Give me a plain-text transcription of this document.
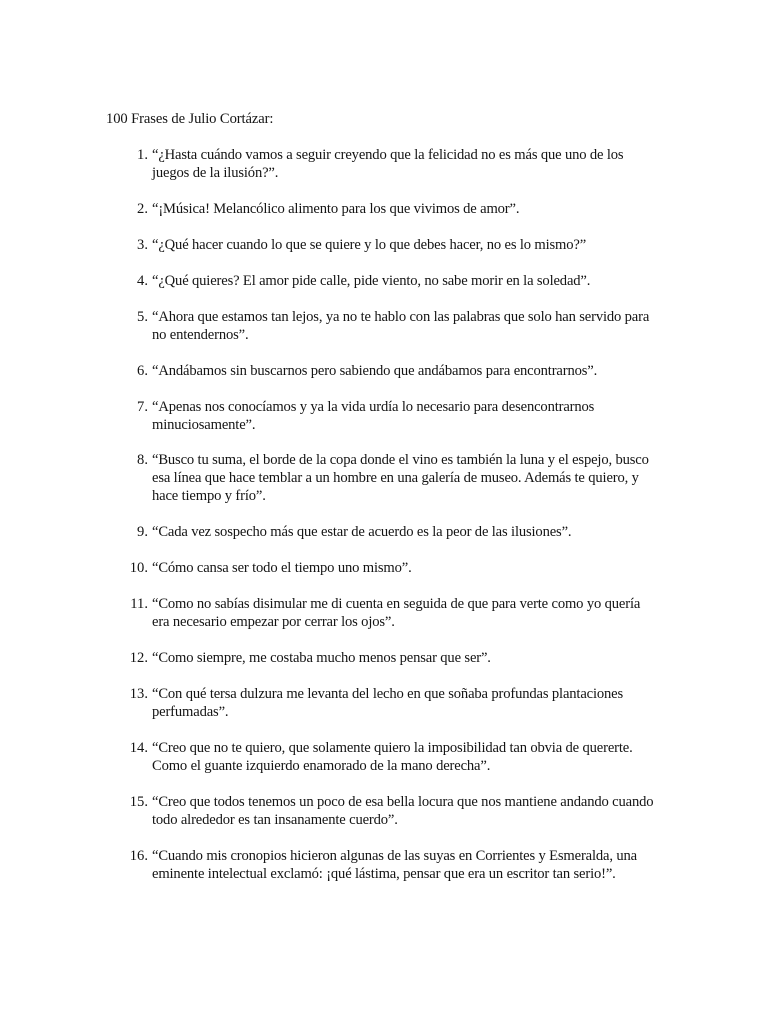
100 Frases de Julio Cortázar:
1. “¿Hasta cuándo vamos a seguir creyendo que la felicidad no es más que uno de los juegos de la ilusión?”.
2. “¡Música! Melancólico alimento para los que vivimos de amor”.
3. “¿Qué hacer cuando lo que se quiere y lo que debes hacer, no es lo mismo?”
4. “¿Qué quieres? El amor pide calle, pide viento, no sabe morir en la soledad”.
5. “Ahora que estamos tan lejos, ya no te hablo con las palabras que solo han servido para no entendernos”.
6. “Andábamos sin buscarnos pero sabiendo que andábamos para encontrarnos”.
7. “Apenas nos conocíamos y ya la vida urdía lo necesario para desencontrarnos minuciosamente”.
8. “Busco tu suma, el borde de la copa donde el vino es también la luna y el espejo, busco esa línea que hace temblar a un hombre en una galería de museo. Además te quiero, y hace tiempo y frío”.
9. “Cada vez sospecho más que estar de acuerdo es la peor de las ilusiones”.
10. “Cómo cansa ser todo el tiempo uno mismo”.
11. “Como no sabías disimular me di cuenta en seguida de que para verte como yo quería era necesario empezar por cerrar los ojos”.
12. “Como siempre, me costaba mucho menos pensar que ser”.
13. “Con qué tersa dulzura me levanta del lecho en que soñaba profundas plantaciones perfumadas”.
14. “Creo que no te quiero, que solamente quiero la imposibilidad tan obvia de quererte. Como el guante izquierdo enamorado de la mano derecha”.
15. “Creo que todos tenemos un poco de esa bella locura que nos mantiene andando cuando todo alrededor es tan insanamente cuerdo”.
16. “Cuando mis cronopios hicieron algunas de las suyas en Corrientes y Esmeralda, una eminente intelectual exclamó: ¡qué lástima, pensar que era un escritor tan serio!”.
